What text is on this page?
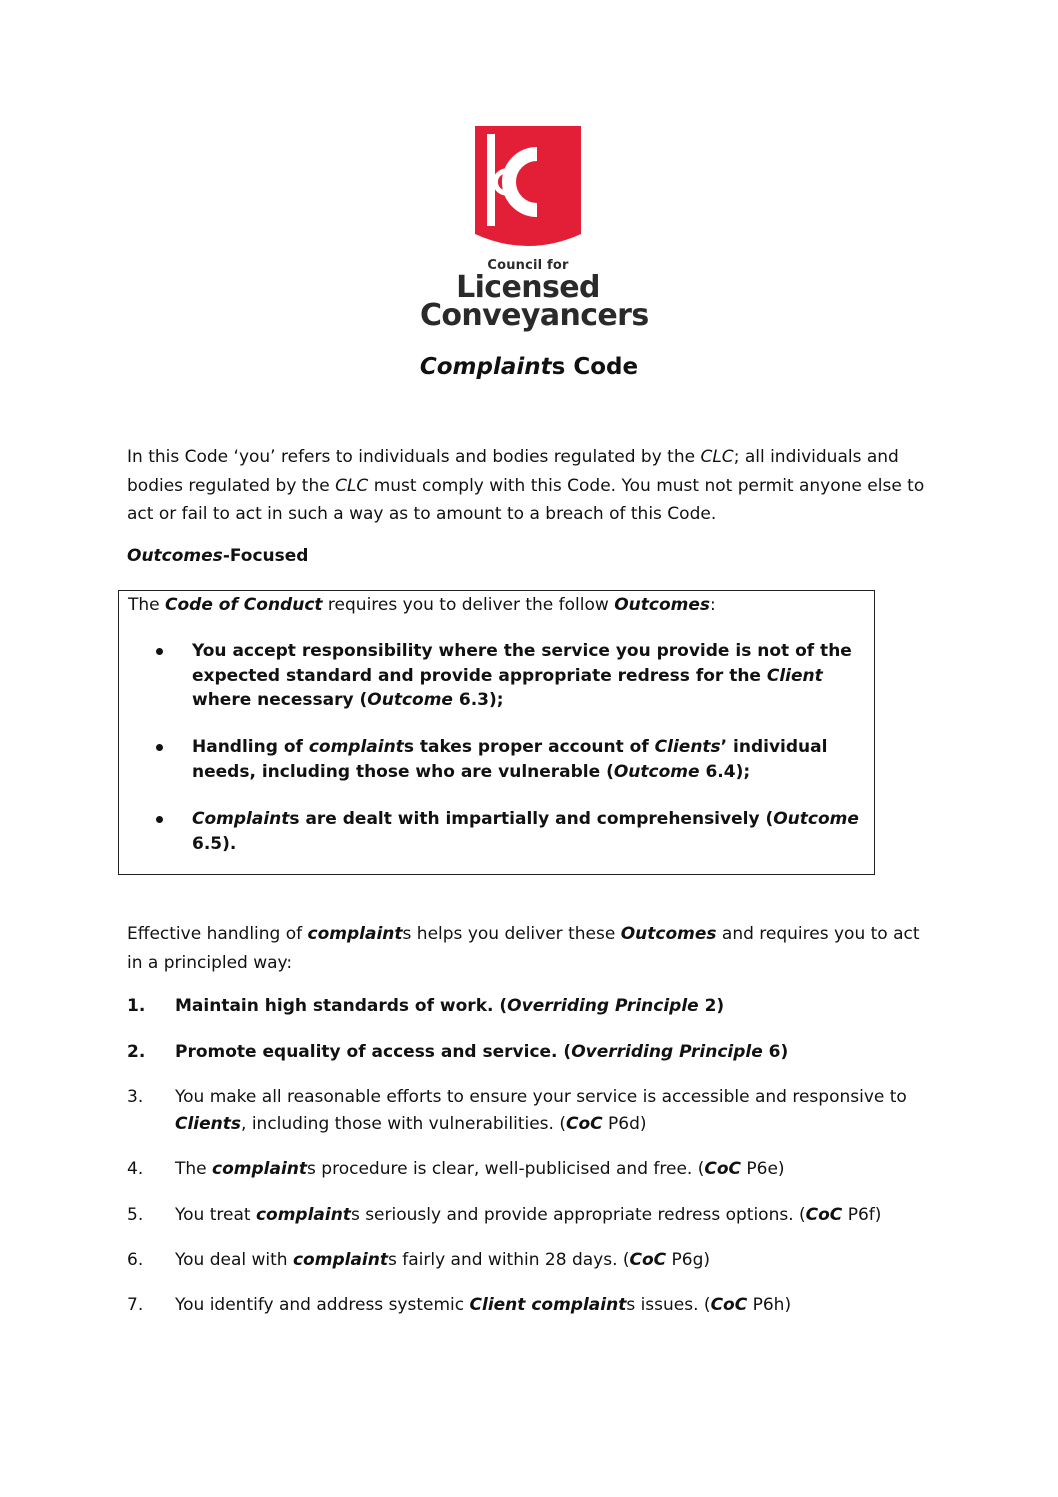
Council for
Licensed
Conveyancers
Complaints Code
In this Code ‘you’ refers to individuals and bodies regulated by the CLC; all individuals and bodies regulated by the CLC must comply with this Code. You must not permit anyone else to act or fail to act in such a way as to amount to a breach of this Code.
Outcomes-Focused
The Code of Conduct requires you to deliver the follow Outcomes:
You accept responsibility where the service you provide is not of the expected standard and provide appropriate redress for the Client where necessary (Outcome 6.3);
Handling of complaints takes proper account of Clients’ individual needs, including those who are vulnerable (Outcome 6.4);
Complaints are dealt with impartially and comprehensively (Outcome 6.5).
Effective handling of complaints helps you deliver these Outcomes and requires you to act in a principled way:
1. Maintain high standards of work. (Overriding Principle 2)
2. Promote equality of access and service. (Overriding Principle 6)
3. You make all reasonable efforts to ensure your service is accessible and responsive to Clients, including those with vulnerabilities. (CoC P6d)
4. The complaints procedure is clear, well-publicised and free. (CoC P6e)
5. You treat complaints seriously and provide appropriate redress options. (CoC P6f)
6. You deal with complaints fairly and within 28 days. (CoC P6g)
7. You identify and address systemic Client complaints issues. (CoC P6h)
